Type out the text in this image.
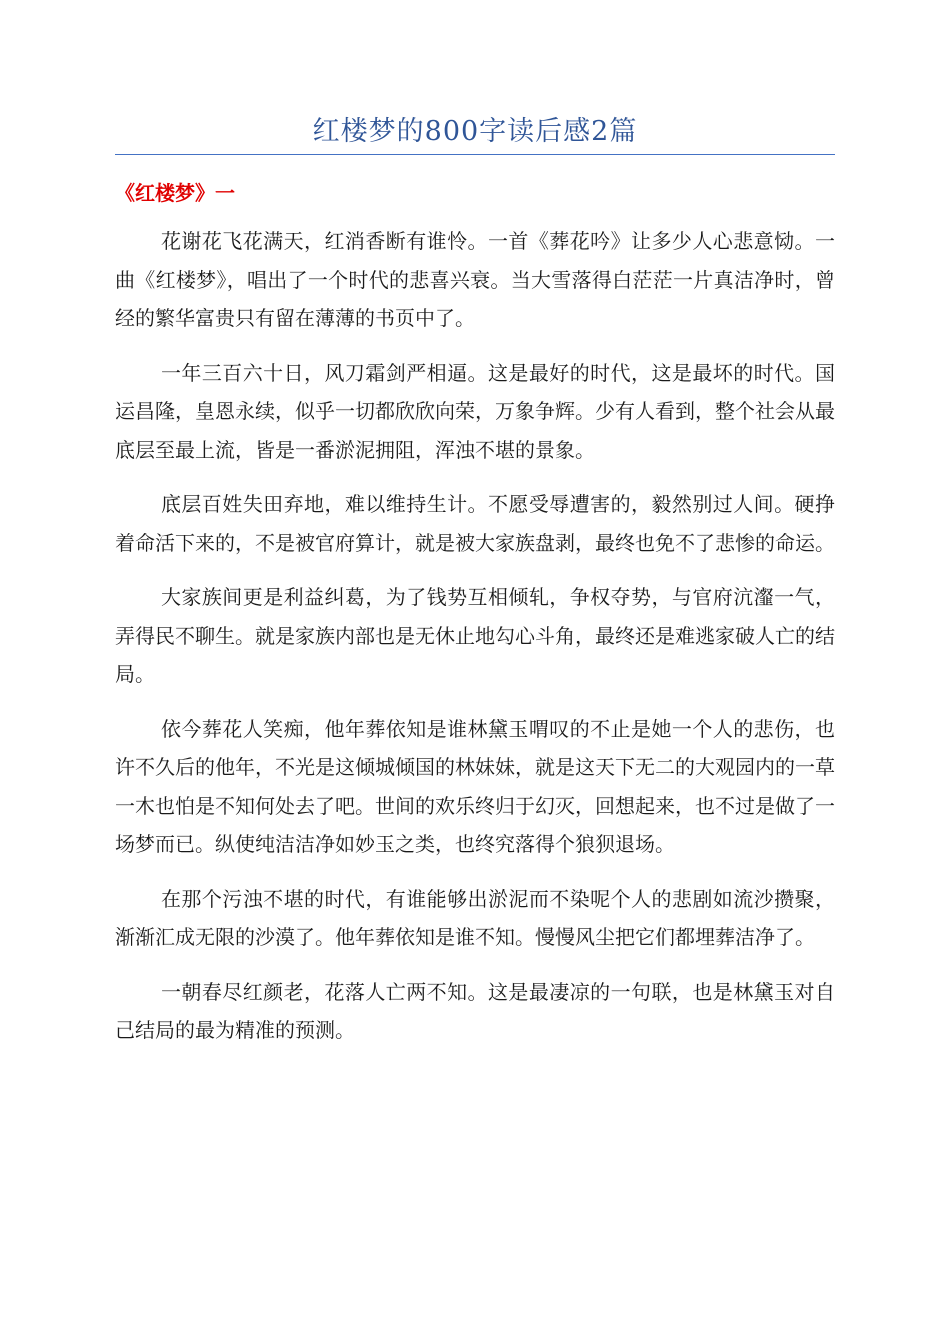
红楼梦的800字读后感2篇
《红楼梦》一

花谢花飞花满天，红消香断有谁怜。一首《葬花吟》让多少人心悲意恸。一曲《红楼梦》，唱出了一个时代的悲喜兴衰。当大雪落得白茫茫一片真洁净时，曾经的繁华富贵只有留在薄薄的书页中了。

一年三百六十日，风刀霜剑严相逼。这是最好的时代，这是最坏的时代。国运昌隆，皇恩永续，似乎一切都欣欣向荣，万象争辉。少有人看到，整个社会从最底层至最上流，皆是一番淤泥拥阻，浑浊不堪的景象。

底层百姓失田弃地，难以维持生计。不愿受辱遭害的，毅然别过人间。硬挣着命活下来的，不是被官府算计，就是被大家族盘剥，最终也免不了悲惨的命运。

大家族间更是利益纠葛，为了钱势互相倾轧，争权夺势，与官府沆瀣一气，弄得民不聊生。就是家族内部也是无休止地勾心斗角，最终还是难逃家破人亡的结局。

依今葬花人笑痴，他年葬依知是谁林黛玉喟叹的不止是她一个人的悲伤，也许不久后的他年，不光是这倾城倾国的林妹妹，就是这天下无二的大观园内的一草一木也怕是不知何处去了吧。世间的欢乐终归于幻灭，回想起来，也不过是做了一场梦而已。纵使纯洁洁净如妙玉之类，也终究落得个狼狈退场。

在那个污浊不堪的时代，有谁能够出淤泥而不染呢个人的悲剧如流沙攒聚，渐渐汇成无限的沙漠了。他年葬依知是谁不知。慢慢风尘把它们都埋葬洁净了。

一朝春尽红颜老，花落人亡两不知。这是最凄凉的一句联，也是林黛玉对自己结局的最为精准的预测。
